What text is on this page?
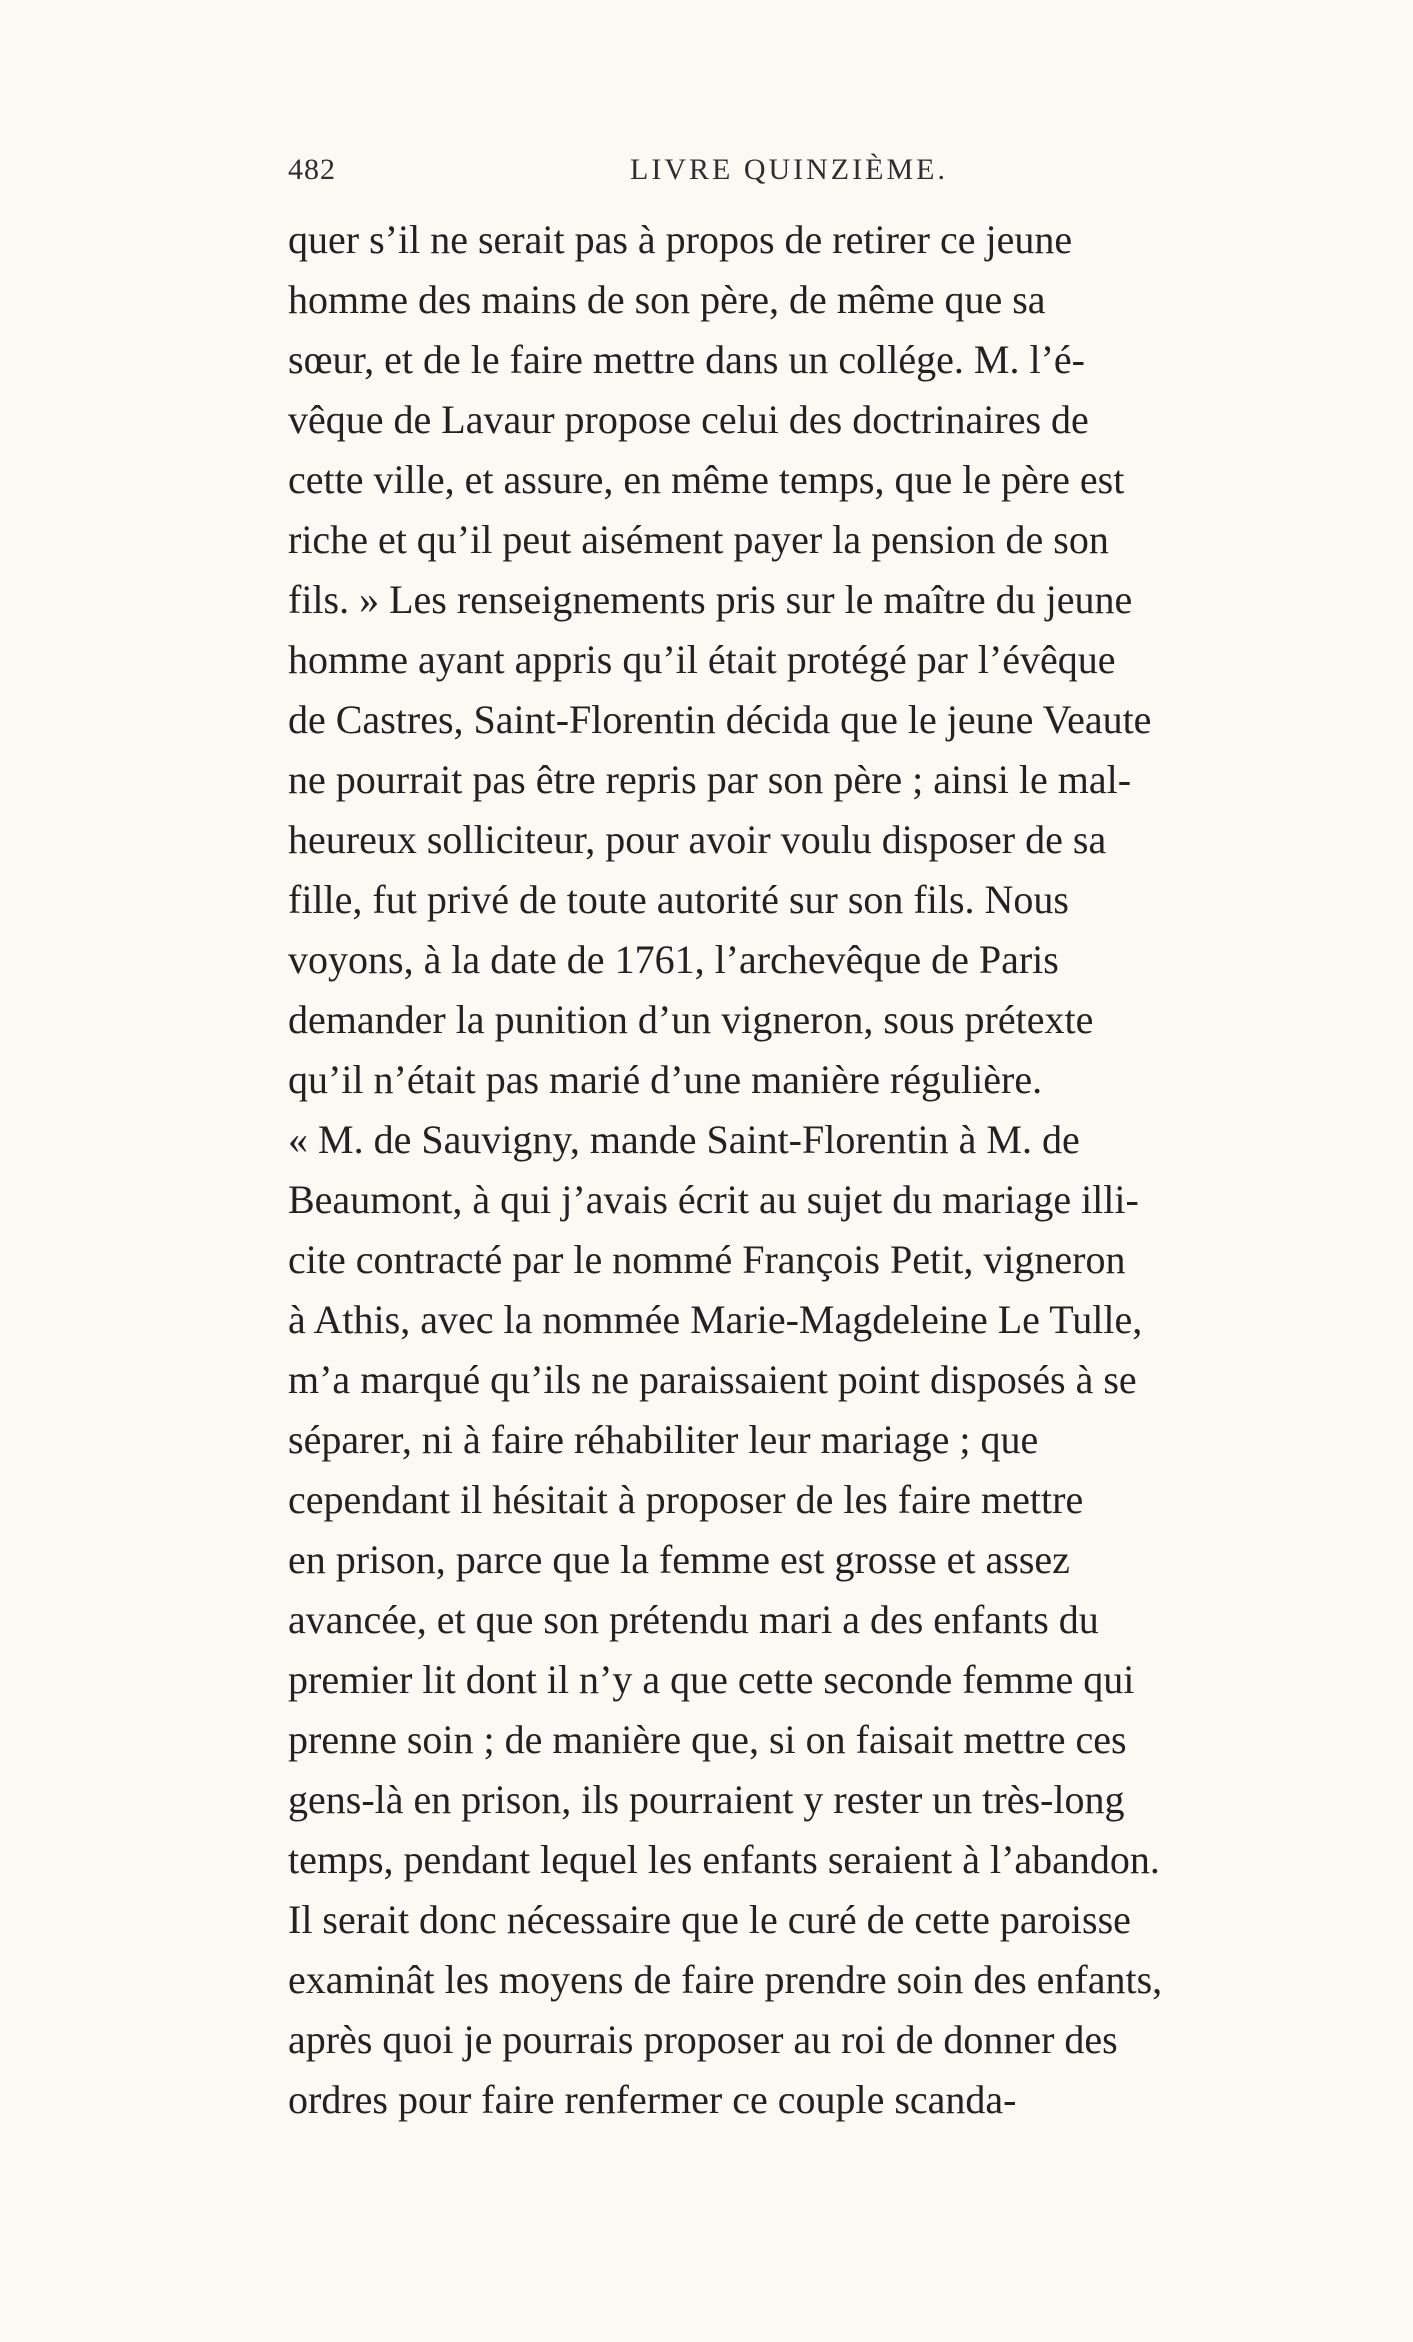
482	LIVRE QUINZIÈME.
quer s’il ne serait pas à propos de retirer ce jeune
homme des mains de son père, de même que sa
sœur, et de le faire mettre dans un collége. M. l’é-
vêque de Lavaur propose celui des doctrinaires de
cette ville, et assure, en même temps, que le père est
riche et qu’il peut aisément payer la pension de son
fils. » Les renseignements pris sur le maître du jeune
homme ayant appris qu’il était protégé par l’évêque
de Castres, Saint-Florentin décida que le jeune Veaute
ne pourrait pas être repris par son père ; ainsi le mal-
heureux solliciteur, pour avoir voulu disposer de sa
fille, fut privé de toute autorité sur son fils. Nous
voyons, à la date de 1761, l’archevêque de Paris
demander la punition d’un vigneron, sous prétexte
qu’il n’était pas marié d’une manière régulière.
« M. de Sauvigny, mande Saint-Florentin à M. de
Beaumont, à qui j’avais écrit au sujet du mariage illi-
cite contracté par le nommé François Petit, vigneron
à Athis, avec la nommée Marie-Magdeleine Le Tulle,
m’a marqué qu’ils ne paraissaient point disposés à se
séparer, ni à faire réhabiliter leur mariage ; que
cependant il hésitait à proposer de les faire mettre
en prison, parce que la femme est grosse et assez
avancée, et que son prétendu mari a des enfants du
premier lit dont il n’y a que cette seconde femme qui
prenne soin ; de manière que, si on faisait mettre ces
gens-là en prison, ils pourraient y rester un très-long
temps, pendant lequel les enfants seraient à l’abandon.
Il serait donc nécessaire que le curé de cette paroisse
examinât les moyens de faire prendre soin des enfants,
après quoi je pourrais proposer au roi de donner des
ordres pour faire renfermer ce couple scanda-
